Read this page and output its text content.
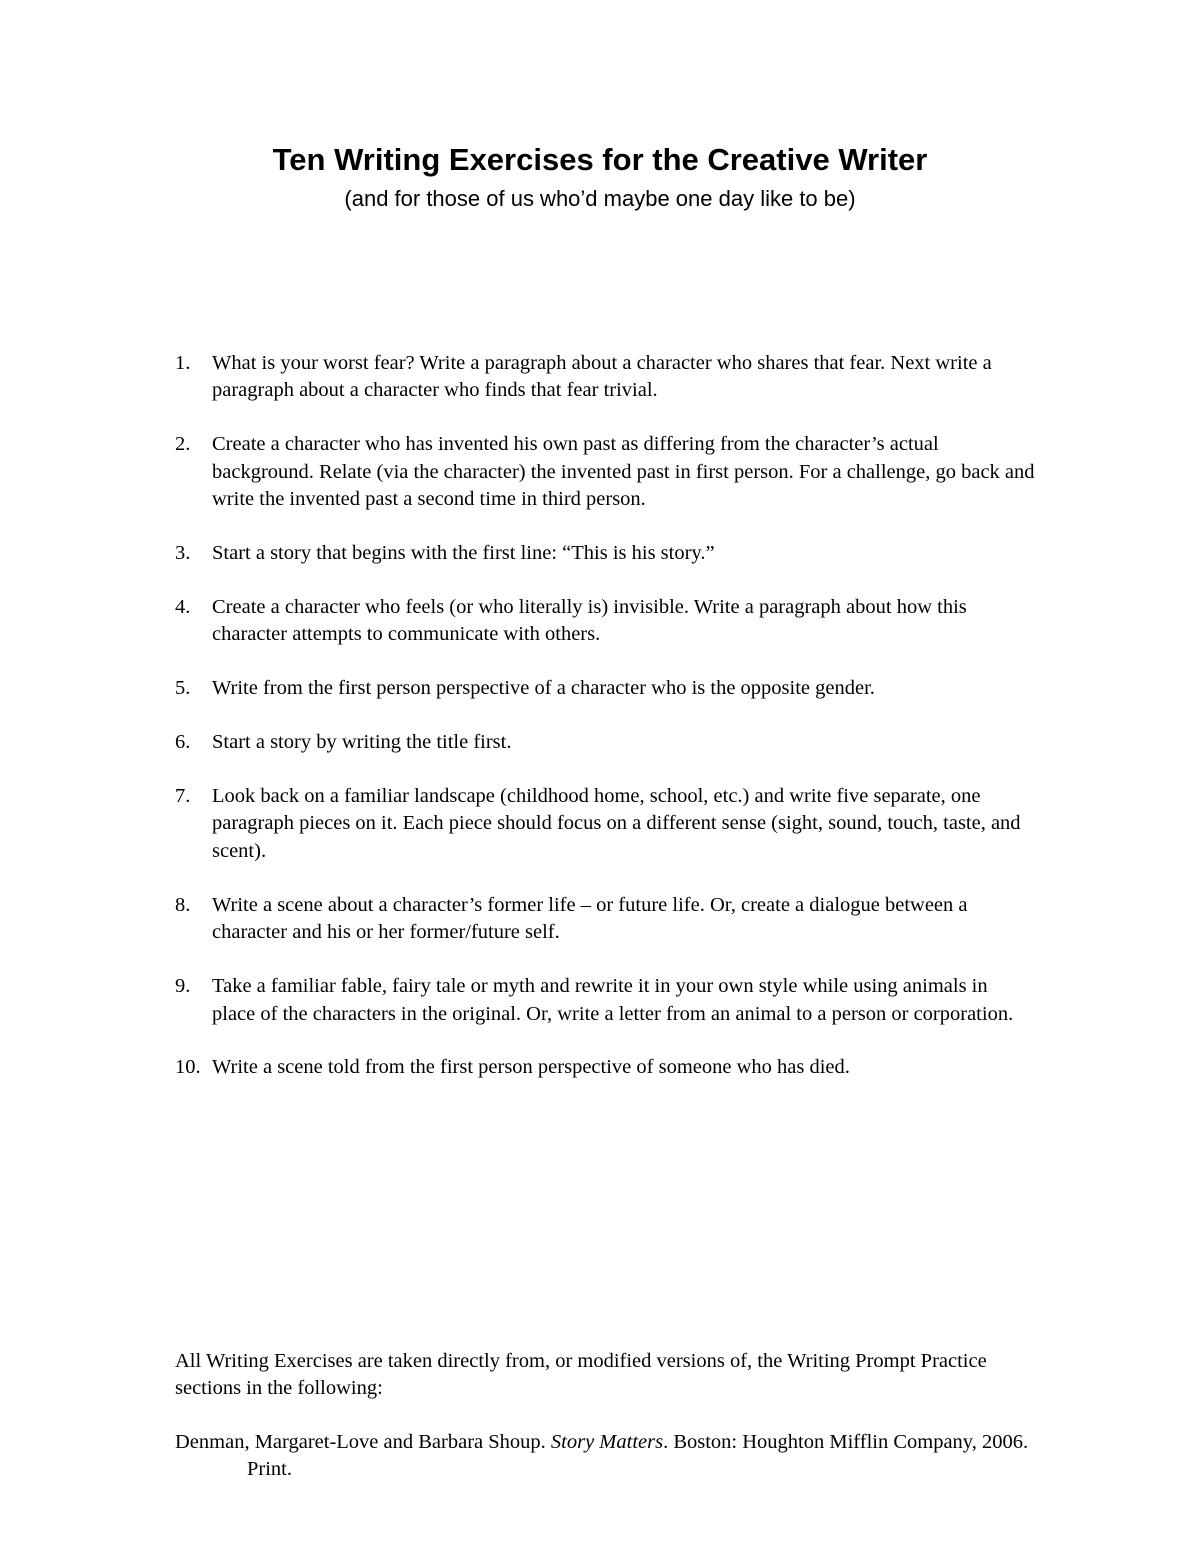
Ten Writing Exercises for the Creative Writer

(and for those of us who’d maybe one day like to be)

1. What is your worst fear? Write a paragraph about a character who shares that fear. Next write a paragraph about a character who finds that fear trivial.
2. Create a character who has invented his own past as differing from the character’s actual background. Relate (via the character) the invented past in first person. For a challenge, go back and write the invented past a second time in third person.
3. Start a story that begins with the first line: “This is his story.”
4. Create a character who feels (or who literally is) invisible. Write a paragraph about how this character attempts to communicate with others.
5. Write from the first person perspective of a character who is the opposite gender.
6. Start a story by writing the title first.
7. Look back on a familiar landscape (childhood home, school, etc.) and write five separate, one paragraph pieces on it. Each piece should focus on a different sense (sight, sound, touch, taste, and scent).
8. Write a scene about a character’s former life – or future life. Or, create a dialogue between a character and his or her former/future self.
9. Take a familiar fable, fairy tale or myth and rewrite it in your own style while using animals in place of the characters in the original. Or, write a letter from an animal to a person or corporation.
10. Write a scene told from the first person perspective of someone who has died.

All Writing Exercises are taken directly from, or modified versions of, the Writing Prompt Practice sections in the following:

Denman, Margaret-Love and Barbara Shoup. Story Matters. Boston: Houghton Mifflin Company, 2006. Print.
